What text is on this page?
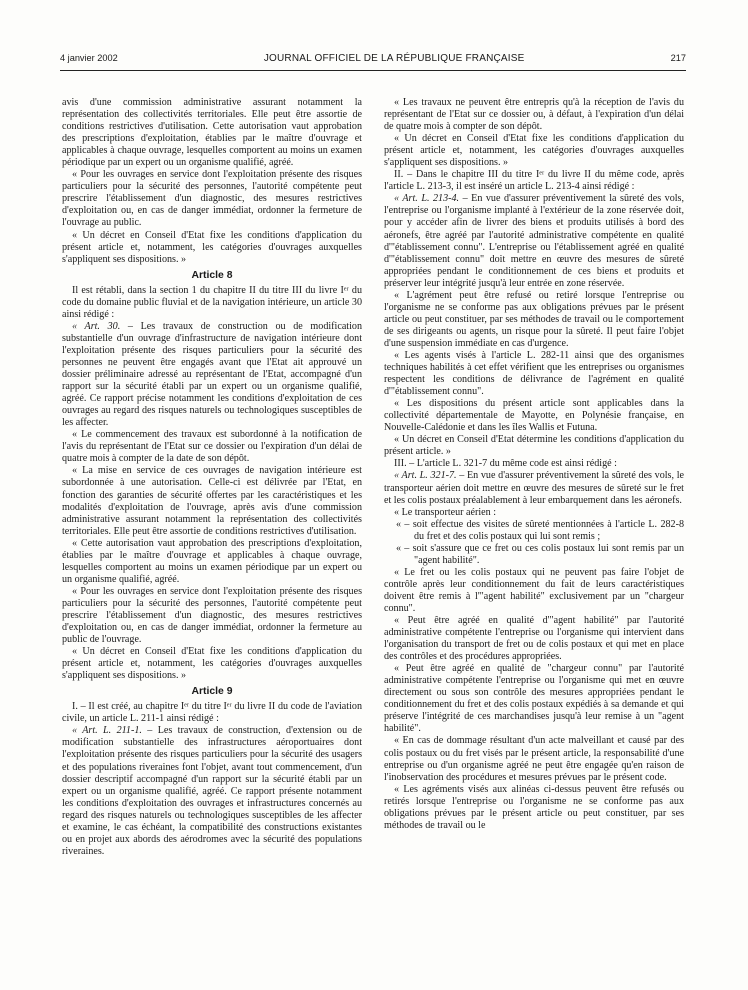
4 janvier 2002	JOURNAL OFFICIEL DE LA RÉPUBLIQUE FRANÇAISE	217

avis d'une commission administrative assurant notamment la représentation des collectivités territoriales. Elle peut être assortie de conditions restrictives d'utilisation. Cette autorisation vaut approbation des prescriptions d'exploitation, établies par le maître d'ouvrage et applicables à chaque ouvrage, lesquelles comportent au moins un examen périodique par un expert ou un organisme qualifié, agréé.

« Pour les ouvrages en service dont l'exploitation présente des risques particuliers pour la sécurité des personnes, l'autorité compétente peut prescrire l'établissement d'un diagnostic, des mesures restrictives d'exploitation ou, en cas de danger immédiat, ordonner la fermeture de l'ouvrage au public.

« Un décret en Conseil d'Etat fixe les conditions d'application du présent article et, notamment, les catégories d'ouvrages auxquelles s'appliquent ses dispositions. »

Article 8

Il est rétabli, dans la section 1 du chapitre II du titre III du livre Iᵉʳ du code du domaine public fluvial et de la navigation intérieure, un article 30 ainsi rédigé :

« Art. 30. – Les travaux de construction ou de modification substantielle d'un ouvrage d'infrastructure de navigation intérieure dont l'exploitation présente des risques particuliers pour la sécurité des personnes ne peuvent être engagés avant que l'Etat ait approuvé un dossier préliminaire adressé au représentant de l'Etat, accompagné d'un rapport sur la sécurité établi par un expert ou un organisme qualifié, agréé. Ce rapport précise notamment les conditions d'exploitation de ces ouvrages au regard des risques naturels ou technologiques susceptibles de les affecter.

« Le commencement des travaux est subordonné à la notification de l'avis du représentant de l'Etat sur ce dossier ou l'expiration d'un délai de quatre mois à compter de la date de son dépôt.

« La mise en service de ces ouvrages de navigation intérieure est subordonnée à une autorisation. Celle-ci est délivrée par l'Etat, en fonction des garanties de sécurité offertes par les caractéristiques et les modalités d'exploitation de l'ouvrage, après avis d'une commission administrative assurant notamment la représentation des collectivités territoriales. Elle peut être assortie de conditions restrictives d'utilisation.

« Cette autorisation vaut approbation des prescriptions d'exploitation, établies par le maître d'ouvrage et applicables à chaque ouvrage, lesquelles comportent au moins un examen périodique par un expert ou un organisme qualifié, agréé.

« Pour les ouvrages en service dont l'exploitation présente des risques particuliers pour la sécurité des personnes, l'autorité compétente peut prescrire l'établissement d'un diagnostic, des mesures restrictives d'exploitation ou, en cas de danger immédiat, ordonner la fermeture au public de l'ouvrage.

« Un décret en Conseil d'Etat fixe les conditions d'application du présent article et, notamment, les catégories d'ouvrages auxquelles s'appliquent ses dispositions. »

Article 9

I. – Il est créé, au chapitre Iᵉʳ du titre Iᵉʳ du livre II du code de l'aviation civile, un article L. 211-1 ainsi rédigé :

« Art. L. 211-1. – Les travaux de construction, d'extension ou de modification substantielle des infrastructures aéroportuaires dont l'exploitation présente des risques particuliers pour la sécurité des usagers et des populations riveraines font l'objet, avant tout commencement, d'un dossier descriptif accompagné d'un rapport sur la sécurité établi par un expert ou un organisme qualifié, agréé. Ce rapport présente notamment les conditions d'exploitation des ouvrages et infrastructures concernés au regard des risques naturels ou technologiques susceptibles de les affecter et examine, le cas échéant, la compatibilité des constructions existantes ou en projet aux abords des aérodromes avec la sécurité des populations riveraines.

« Les travaux ne peuvent être entrepris qu'à la réception de l'avis du représentant de l'Etat sur ce dossier ou, à défaut, à l'expiration d'un délai de quatre mois à compter de son dépôt.

« Un décret en Conseil d'Etat fixe les conditions d'application du présent article et, notamment, les catégories d'ouvrages auxquelles s'appliquent ses dispositions. »

II. – Dans le chapitre III du titre Iᵉʳ du livre II du même code, après l'article L. 213-3, il est inséré un article L. 213-4 ainsi rédigé :

« Art. L. 213-4. – En vue d'assurer préventivement la sûreté des vols, l'entreprise ou l'organisme implanté à l'extérieur de la zone réservée doit, pour y accéder afin de livrer des biens et produits utilisés à bord des aéronefs, être agréé par l'autorité administrative compétente en qualité d'"établissement connu". L'entreprise ou l'établissement agréé en qualité d'"établissement connu" doit mettre en œuvre des mesures de sûreté appropriées pendant le conditionnement de ces biens et produits et préserver leur intégrité jusqu'à leur entrée en zone réservée.

« L'agrément peut être refusé ou retiré lorsque l'entreprise ou l'organisme ne se conforme pas aux obligations prévues par le présent article ou peut constituer, par ses méthodes de travail ou le comportement de ses dirigeants ou agents, un risque pour la sûreté. Il peut faire l'objet d'une suspension immédiate en cas d'urgence.

« Les agents visés à l'article L. 282-11 ainsi que des organismes techniques habilités à cet effet vérifient que les entreprises ou organismes respectent les conditions de délivrance de l'agrément en qualité d'"établissement connu".

« Les dispositions du présent article sont applicables dans la collectivité départementale de Mayotte, en Polynésie française, en Nouvelle-Calédonie et dans les îles Wallis et Futuna.

« Un décret en Conseil d'Etat détermine les conditions d'application du présent article. »

III. – L'article L. 321-7 du même code est ainsi rédigé :

« Art. L. 321-7. – En vue d'assurer préventivement la sûreté des vols, le transporteur aérien doit mettre en œuvre des mesures de sûreté sur le fret et les colis postaux préalablement à leur embarquement dans les aéronefs.

« Le transporteur aérien :

« – soit effectue des visites de sûreté mentionnées à l'article L. 282-8 du fret et des colis postaux qui lui sont remis ;
« – soit s'assure que ce fret ou ces colis postaux lui sont remis par un "agent habilité".

« Le fret ou les colis postaux qui ne peuvent pas faire l'objet de contrôle après leur conditionnement du fait de leurs caractéristiques doivent être remis à l'"agent habilité" exclusivement par un "chargeur connu".

« Peut être agréé en qualité d'"agent habilité" par l'autorité administrative compétente l'entreprise ou l'organisme qui intervient dans l'organisation du transport de fret ou de colis postaux et qui met en place des contrôles et des procédures appropriées.

« Peut être agréé en qualité de "chargeur connu" par l'autorité administrative compétente l'entreprise ou l'organisme qui met en œuvre directement ou sous son contrôle des mesures appropriées pendant le conditionnement du fret et des colis postaux expédiés à sa demande et qui préserve l'intégrité de ces marchandises jusqu'à leur remise à un "agent habilité".

« En cas de dommage résultant d'un acte malveillant et causé par des colis postaux ou du fret visés par le présent article, la responsabilité d'une entreprise ou d'un organisme agréé ne peut être engagée qu'en raison de l'inobservation des procédures et mesures prévues par le présent code.

« Les agréments visés aux alinéas ci-dessus peuvent être refusés ou retirés lorsque l'entreprise ou l'organisme ne se conforme pas aux obligations prévues par le présent article ou peut constituer, par ses méthodes de travail ou le
